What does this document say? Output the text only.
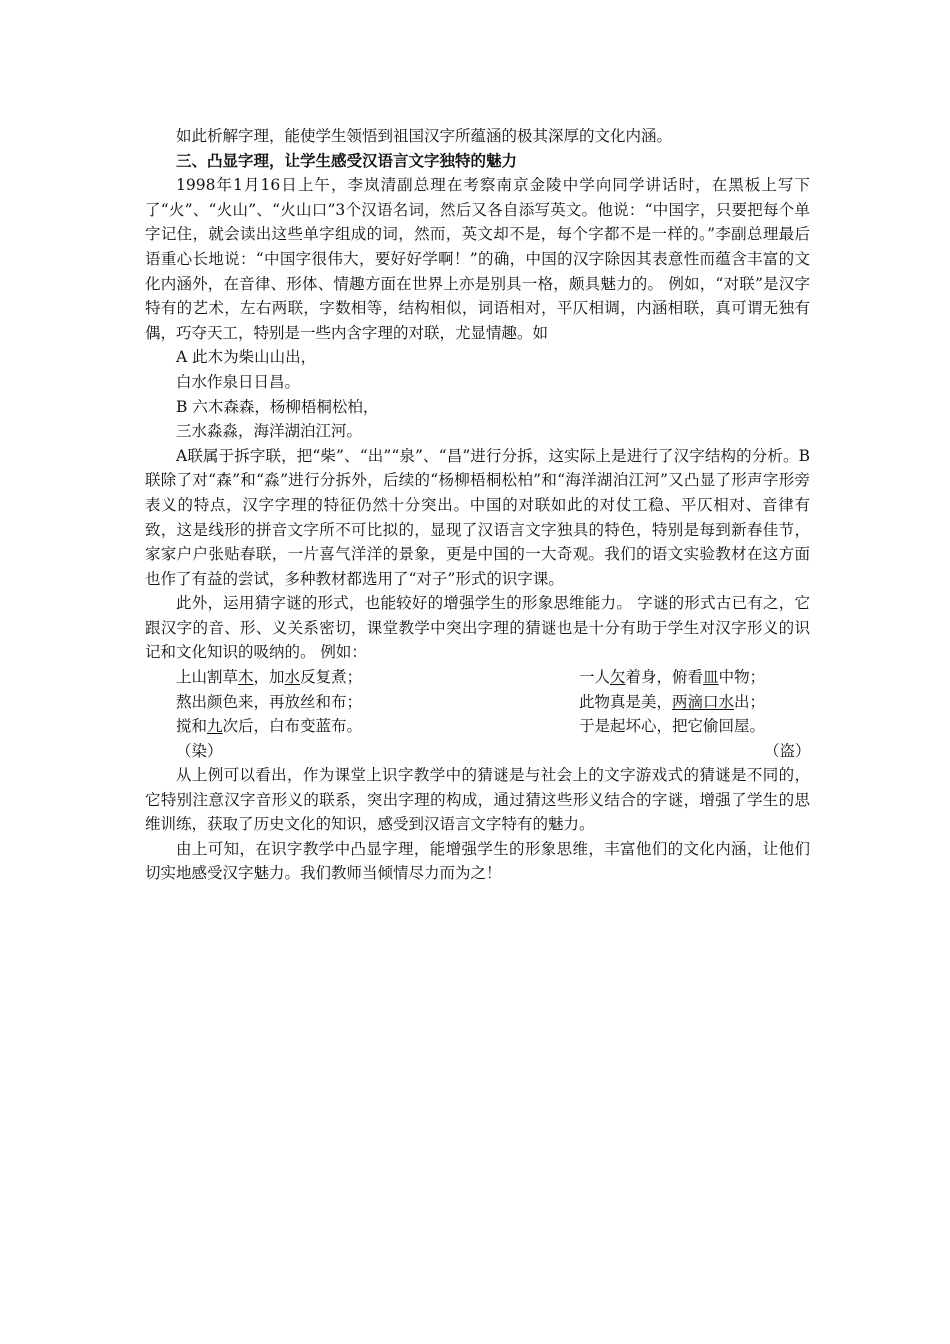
如此析解字理，能使学生领悟到祖国汉字所蕴涵的极其深厚的文化内涵。

三、凸显字理，让学生感受汉语言文字独特的魅力

1998年1月16日上午，李岚清副总理在考察南京金陵中学向同学讲话时，在黑板上写下了“火”、“火山”、“火山口”3个汉语名词，然后又各自添写英文。他说：“中国字，只要把每个单字记住，就会读出这些单字组成的词，然而，英文却不是，每个字都不是一样的。”李副总理最后语重心长地说：“中国字很伟大，要好好学啊！”的确，中国的汉字除因其表意性而蕴含丰富的文化内涵外，在音律、形体、情趣方面在世界上亦是别具一格，颇具魅力的。 例如，“对联”是汉字特有的艺术，左右两联，字数相等，结构相似，词语相对，平仄相调，内涵相联，真可谓无独有偶，巧夺天工，特别是一些内含字理的对联，尤显情趣。如

A 此木为柴山山出，

白水作泉日日昌。

B 六木森森，杨柳梧桐松柏，

三水淼淼，海洋湖泊江河。

A联属于拆字联，把“柴”、“出”“泉”、“昌”进行分拆，这实际上是进行了汉字结构的分析。B联除了对“森”和“淼”进行分拆外，后续的“杨柳梧桐松柏”和“海洋湖泊江河”又凸显了形声字形旁表义的特点，汉字字理的特征仍然十分突出。中国的对联如此的对仗工稳、平仄相对、音律有致，这是线形的拼音文字所不可比拟的，显现了汉语言文字独具的特色，特别是每到新春佳节，家家户户张贴春联，一片喜气洋洋的景象，更是中国的一大奇观。我们的语文实验教材在这方面也作了有益的尝试，多种教材都选用了“对子”形式的识字课。

此外，运用猜字谜的形式，也能较好的增强学生的形象思维能力。 字谜的形式古已有之，它跟汉字的音、形、义关系密切，课堂教学中突出字理的猜谜也是十分有助于学生对汉字形义的识记和文化知识的吸纳的。 例如：

上山割草木，加水反复煮；
熬出颜色来，再放丝和布；
搅和九次后，白布变蓝布。
（染）
一人欠着身，俯看皿中物；
此物真是美，两滴口水出；
于是起坏心，把它偷回屋。
（盗）

从上例可以看出，作为课堂上识字教学中的猜谜是与社会上的文字游戏式的猜谜是不同的， 它特别注意汉字音形义的联系，突出字理的构成，通过猜这些形义结合的字谜，增强了学生的思维训练，获取了历史文化的知识，感受到汉语言文字特有的魅力。

由上可知，在识字教学中凸显字理，能增强学生的形象思维，丰富他们的文化内涵，让他们切实地感受汉字魅力。我们教师当倾情尽力而为之！
